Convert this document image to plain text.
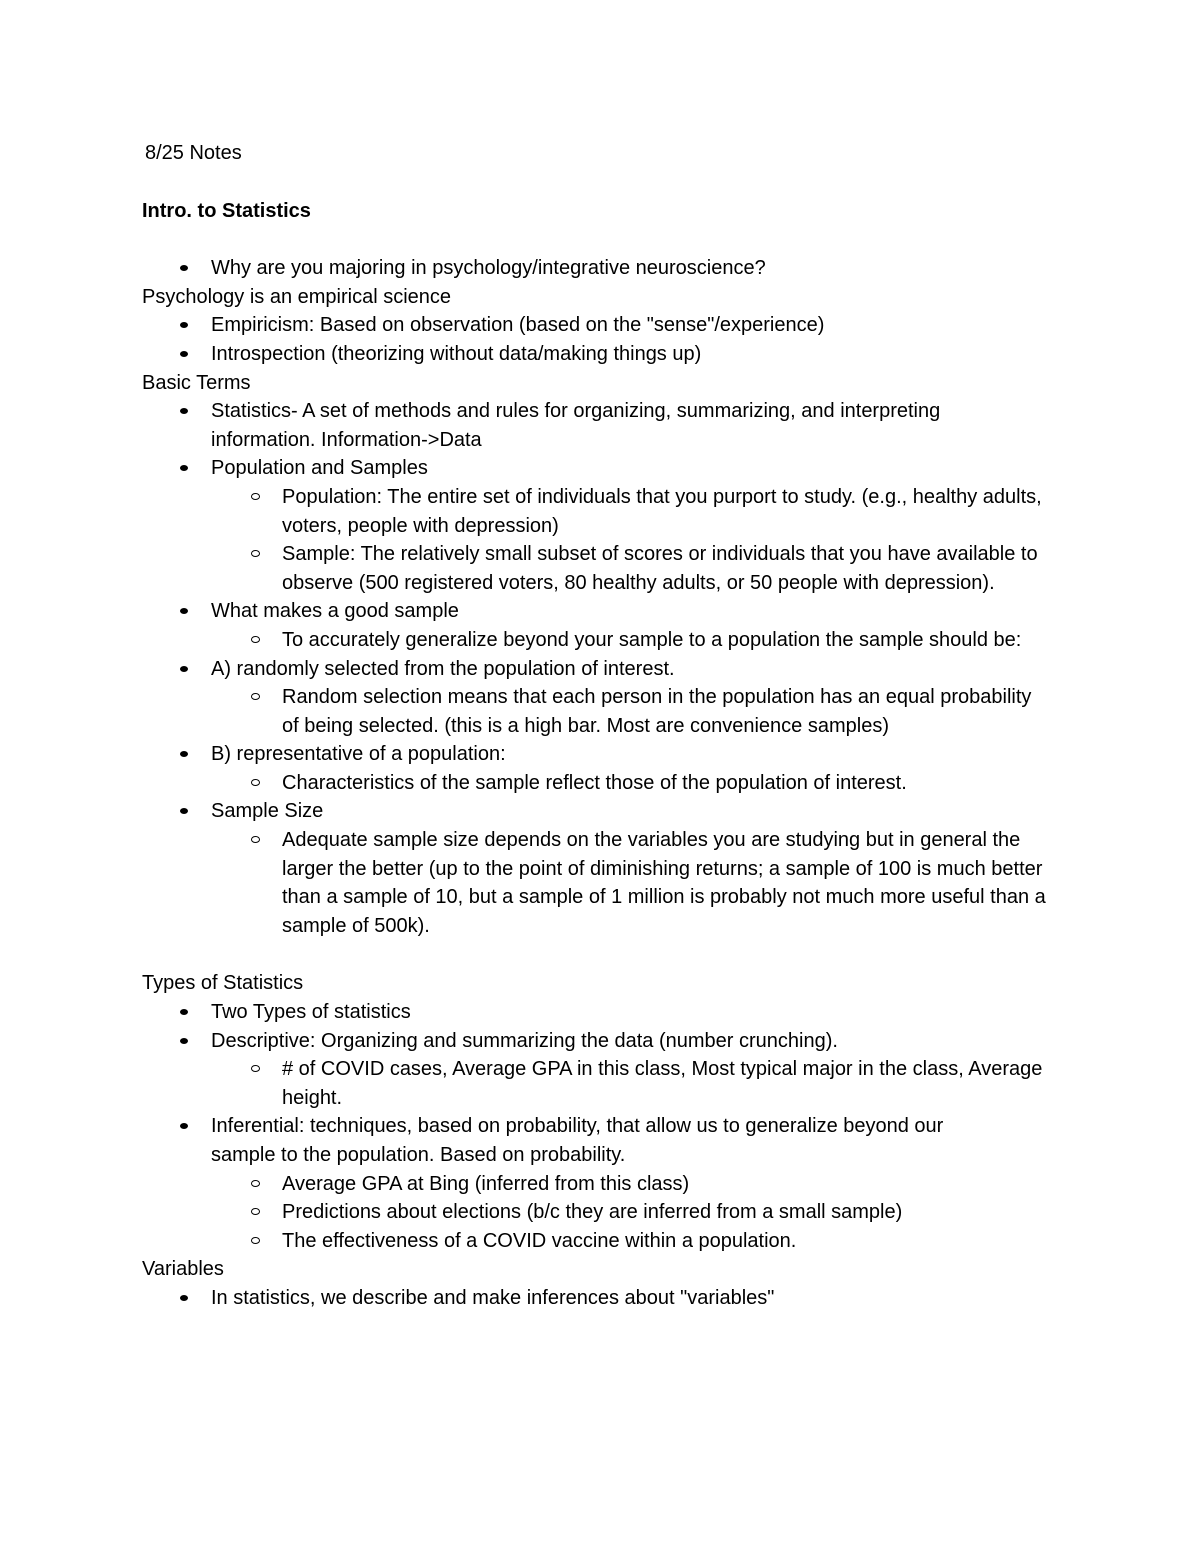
8/25 Notes

Intro. to Statistics

Why are you majoring in psychology/integrative neuroscience?

Psychology is an empirical science

Empiricism: Based on observation (based on the "sense"/experience)
Introspection (theorizing without data/making things up)

Basic Terms

Statistics- A set of methods and rules for organizing, summarizing, and interpreting information. Information->Data
Population and Samples
Population: The entire set of individuals that you purport to study. (e.g., healthy adults, voters, people with depression)
Sample: The relatively small subset of scores or individuals that you have available to observe (500 registered voters, 80 healthy adults, or 50 people with depression).
What makes a good sample
To accurately generalize beyond your sample to a population the sample should be:
A) randomly selected from the population of interest.
Random selection means that each person in the population has an equal probability of being selected. (this is a high bar. Most are convenience samples)
B) representative of a population:
Characteristics of the sample reflect those of the population of interest.
Sample Size
Adequate sample size depends on the variables you are studying but in general the larger the better (up to the point of diminishing returns; a sample of 100 is much better than a sample of 10, but a sample of 1 million is probably not much more useful than a sample of 500k).

Types of Statistics

Two Types of statistics
Descriptive: Organizing and summarizing the data (number crunching).
# of COVID cases, Average GPA in this class, Most typical major in the class, Average height.
Inferential: techniques, based on probability, that allow us to generalize beyond our sample to the population. Based on probability.
Average GPA at Bing (inferred from this class)
Predictions about elections (b/c they are inferred from a small sample)
The effectiveness of a COVID vaccine within a population.

Variables

In statistics, we describe and make inferences about "variables"
